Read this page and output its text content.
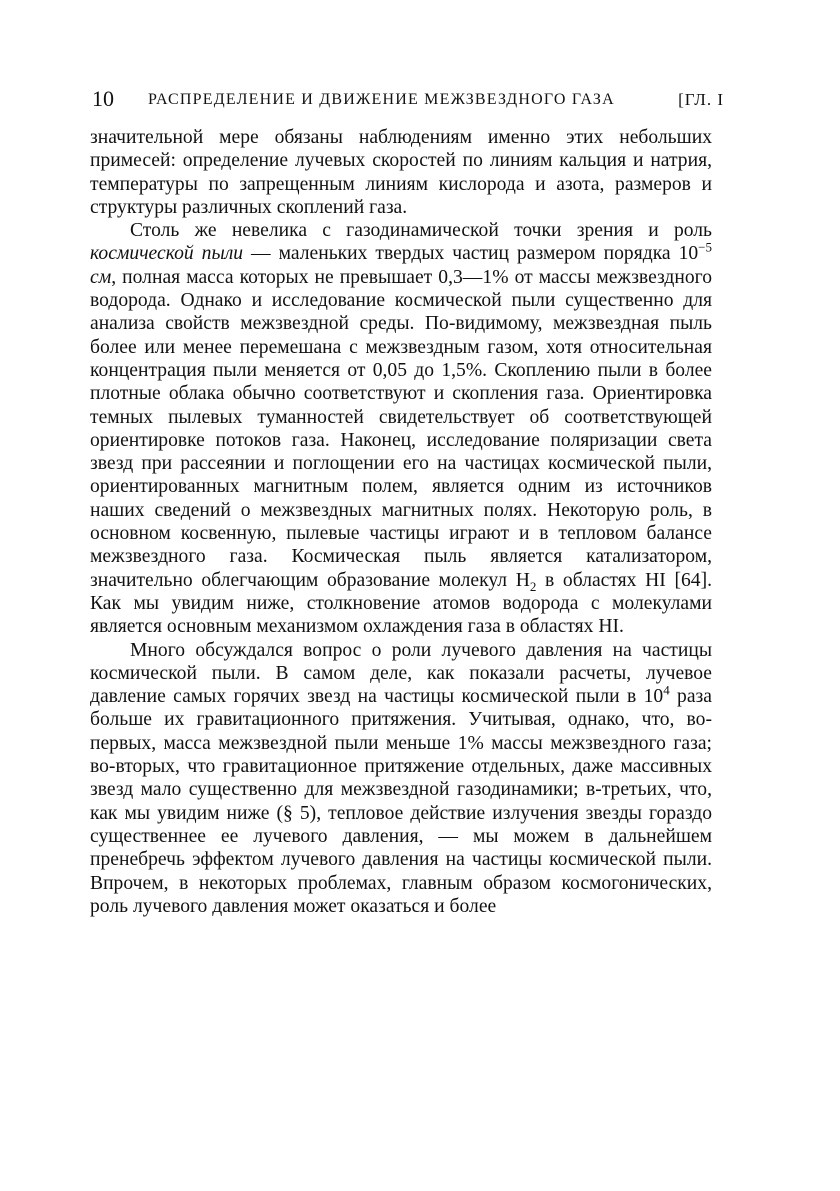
10 РАСПРЕДЕЛЕНИЕ И ДВИЖЕНИЕ МЕЖЗВЕЗДНОГО ГАЗА	[ГЛ. I

значительной мере обязаны наблюдениям именно этих небольших примесей: определение лучевых скоростей по линиям кальция и натрия, температуры по запрещенным линиям кислорода и азота, размеров и структуры различных скоплений газа.

Столь же невелика с газодинамической точки зрения и роль космической пыли — маленьких твердых частиц размером порядка $10^{-5}$ см, полная масса которых не превышает 0,3—1% от массы межзвездного водорода. Однако и исследование космической пыли существенно для анализа свойств межзвездной среды. По-видимому, межзвездная пыль более или менее перемешана с межзвездным газом, хотя относительная концентрация пыли меняется от 0,05 до 1,5%. Скоплению пыли в более плотные облака обычно соответствуют и скопления газа. Ориентировка темных пылевых туманностей свидетельствует об соответствующей ориентировке потоков газа. Наконец, исследование поляризации света звезд при рассеянии и поглощении его на частицах космической пыли, ориентированных магнитным полем, является одним из источников наших сведений о межзвездных магнитных полях. Некоторую роль, в основном косвенную, пылевые частицы играют и в тепловом балансе межзвездного газа. Космическая пыль является катализатором, значительно облегчающим образование молекул $H_2$ в областях HI [64]. Как мы увидим ниже, столкновение атомов водорода с молекулами является основным механизмом охлаждения газа в областях HI.

Много обсуждался вопрос о роли лучевого давления на частицы космической пыли. В самом деле, как показали расчеты, лучевое давление самых горячих звезд на частицы космической пыли в $10^4$ раза больше их гравитационного притяжения. Учитывая, однако, что, во-первых, масса межзвездной пыли меньше 1% массы межзвездного газа; во-вторых, что гравитационное притяжение отдельных, даже массивных звезд мало существенно для межзвездной газодинамики; в-третьих, что, как мы увидим ниже (§ 5), тепловое действие излучения звезды гораздо существеннее ее лучевого давления, — мы можем в дальнейшем пренебречь эффектом лучевого давления на частицы космической пыли. Впрочем, в некоторых проблемах, главным образом космогонических, роль лучевого давления может оказаться и более
